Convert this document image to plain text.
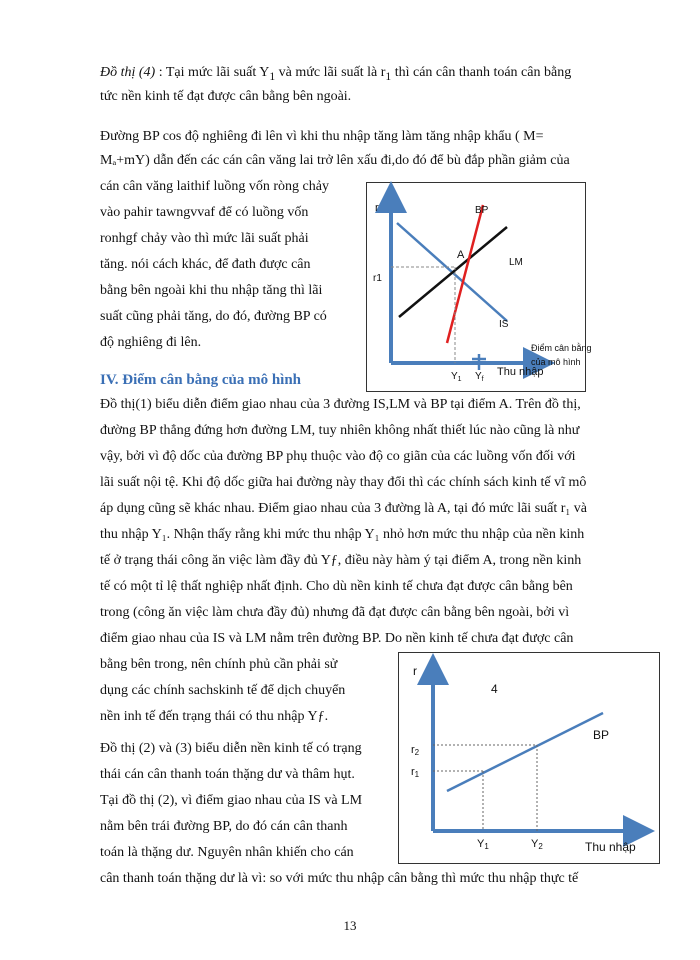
Đồ thị (4) : Tại mức lãi suất $Y_1$ và mức lãi suất là $r_1$ thì cán cân thanh toán cân bằng
tức nền kinh tế đạt được cân bằng bên ngoài.
Đường BP cos độ nghiêng đi lên vì khi thu nhập tăng làm tăng nhập khẩu ( M=
Mₐ+mY) dẫn đến các cán cân văng lai trở lên xấu đi,do đó để bù đắp phần giảm của
cán cân văng laithif luồng vốn ròng chảy
vào pahir tawngvvaf để có luồng vốn
ronhgf chảy vào thì mức lãi suất phải
tăng. nói cách khác, để đath được cân
bằng bên ngoài khi thu nhập tăng thì lãi
suất cũng phải tăng, do đó, đường BP có
độ nghiêng đi lên.
IV. Điểm cân bằng của mô hình
r
r1
A
BP
LM
IS
$Y_1$ $Y_f$
Thu nhập
Điểm cân bằng
của mô hình
Đồ thị(1) biểu diễn điểm giao nhau của 3 đường IS,LM và BP tại điểm A. Trên đồ thị,
đường BP thẳng đứng hơn đường LM, tuy nhiên không nhất thiết lúc nào cũng là như
vậy, bởi vì độ dốc của đường BP phụ thuộc vào độ co giãn của các luồng vốn đối với
lãi suất nội tệ. Khi độ dốc giữa hai đường này thay đổi thì các chính sách kinh tế vĩ mô
áp dụng cũng sẽ khác nhau. Điểm giao nhau của 3 đường là A, tại đó mức lãi suất r₁ và
thu nhập Y₁. Nhận thấy rằng khi mức thu nhập Y₁ nhỏ hơn mức thu nhập của nền kinh
tế ở trạng thái công ăn việc làm đầy đủ Yƒ, điều này hàm ý tại điểm A, trong nền kinh
tế có một tỉ lệ thất nghiệp nhất định. Cho dù nền kinh tế chưa đạt được cân bằng bên
trong (công ăn việc làm chưa đầy đủ) nhưng đã đạt được cân bằng bên ngoài, bởi vì
điểm giao nhau của IS và LM nằm trên đường BP. Do nền kinh tế chưa đạt được cân
bằng bên trong, nên chính phủ cần phải sử
dụng các chính sachskinh tế để dịch chuyển
nền inh tế đến trạng thái có thu nhập Yƒ.
r
4
r2
r1
BP
Y1	Y2	Thu nhập
Đồ thị (2) và (3) biểu diễn nền kinh tế có trạng
thái cán cân thanh toán thặng dư và thâm hụt.
Tại đồ thị (2), vì điểm giao nhau của IS và LM
nằm bên trái đường BP, do đó cán cân thanh
toán là thặng dư. Nguyên nhân khiến cho cán
cân thanh toán thặng dư là vì: so với mức thu nhập cân bằng thì mức thu nhập thực tế
13
